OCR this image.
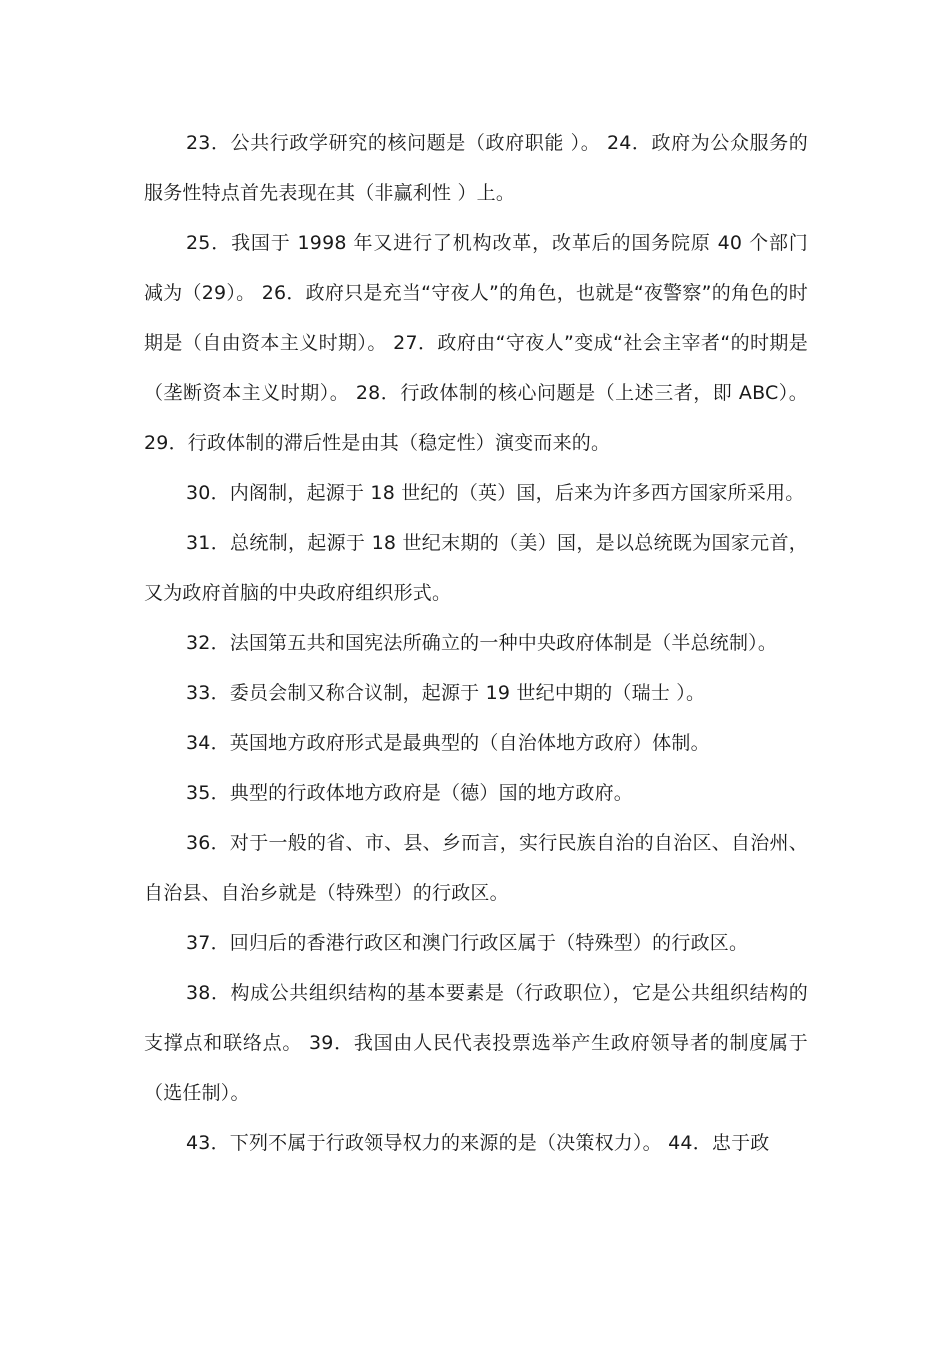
23．公共行政学研究的核问题是（政府职能 ）。 24．政府为公众服务的服务性特点首先表现在其（非赢利性 ）上。

25．我国于 1998 年又进行了机构改革，改革后的国务院原 40 个部门减为（29）。 26．政府只是充当“守夜人”的角色，也就是“夜警察”的角色的时期是（自由资本主义时期）。 27．政府由“守夜人”变成“社会主宰者“的时期是（垄断资本主义时期）。 28．行政体制的核心问题是（上述三者，即 ABC）。 29．行政体制的滞后性是由其（稳定性）演变而来的。

30．内阁制，起源于 18 世纪的（英）国，后来为许多西方国家所采用。

31．总统制，起源于 18 世纪末期的（美）国，是以总统既为国家元首，又为政府首脑的中央政府组织形式。

32．法国第五共和国宪法所确立的一种中央政府体制是（半总统制）。

33．委员会制又称合议制，起源于 19 世纪中期的（瑞士 ）。

34．英国地方政府形式是最典型的（自治体地方政府）体制。

35．典型的行政体地方政府是（德）国的地方政府。

36．对于一般的省、市、县、乡而言，实行民族自治的自治区、自治州、自治县、自治乡就是（特殊型）的行政区。

37．回归后的香港行政区和澳门行政区属于（特殊型）的行政区。

38．构成公共组织结构的基本要素是（行政职位），它是公共组织结构的支撑点和联络点。 39．我国由人民代表投票选举产生政府领导者的制度属于（选任制）。

43．下列不属于行政领导权力的来源的是（决策权力）。 44．忠于政
